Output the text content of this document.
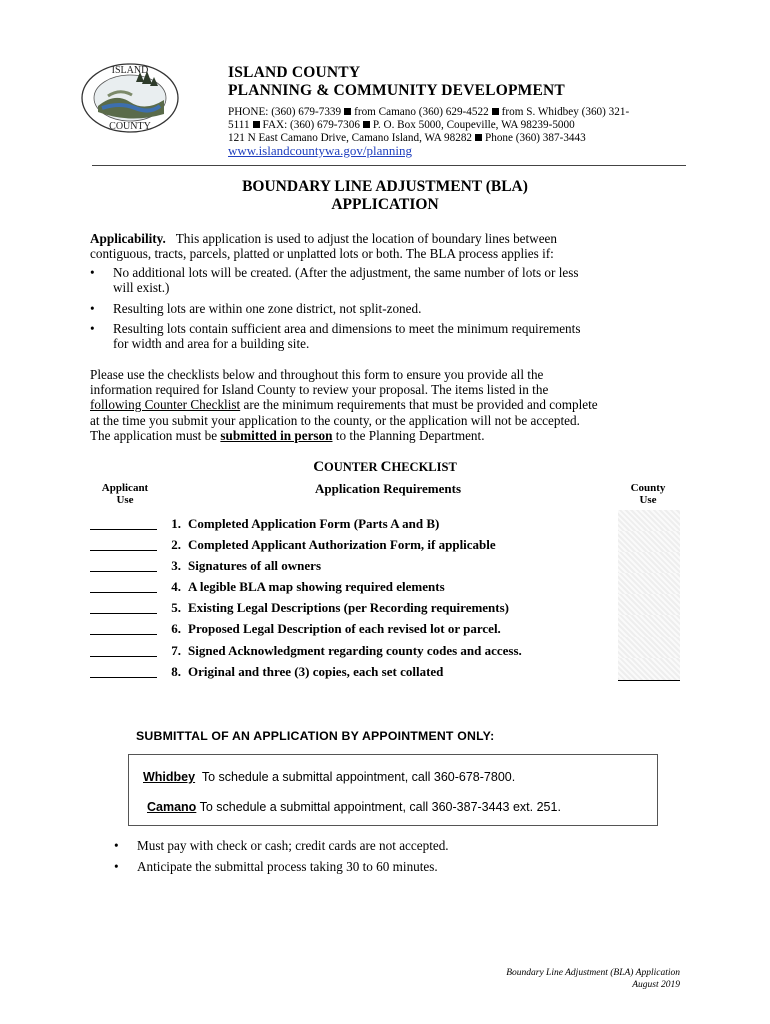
ISLAND
COUNTY
ISLAND COUNTY
PLANNING & COMMUNITY DEVELOPMENT
PHONE: (360) 679-7339 from Camano (360) 629-4522 from S. Whidbey (360) 321-
5111 FAX: (360) 679-7306 P. O. Box 5000, Coupeville, WA 98239-5000
121 N East Camano Drive, Camano Island, WA 98282 Phone (360) 387-3443
www.islandcountywa.gov/planning
BOUNDARY LINE ADJUSTMENT (BLA)
APPLICATION
Applicability. This application is used to adjust the location of boundary lines between
contiguous, tracts, parcels, platted or unplatted lots or both. The BLA process applies if:
• No additional lots will be created. (After the adjustment, the same number of lots or less
will exist.)
• Resulting lots are within one zone district, not split-zoned.
• Resulting lots contain sufficient area and dimensions to meet the minimum requirements
for width and area for a building site.
Please use the checklists below and throughout this form to ensure you provide all the
information required for Island County to review your proposal. The items listed in the
following Counter Checklist are the minimum requirements that must be provided and complete
at the time you submit your application to the county, or the application will not be accepted.
The application must be submitted in person to the Planning Department.
COUNTER CHECKLIST
Applicant
Use
Application Requirements	County
Use
1. Completed Application Form (Parts A and B)
2. Completed Applicant Authorization Form, if applicable
3. Signatures of all owners
4. A legible BLA map showing required elements
5. Existing Legal Descriptions (per Recording requirements)
6. Proposed Legal Description of each revised lot or parcel.
7. Signed Acknowledgment regarding county codes and access.
8. Original and three (3) copies, each set collated
SUBMITTAL OF AN APPLICATION BY APPOINTMENT ONLY:
Whidbey  To schedule a submittal appointment, call 360-678-7800.
Camano To schedule a submittal appointment, call 360-387-3443 ext. 251.
• Must pay with check or cash; credit cards are not accepted.
• Anticipate the submittal process taking 30 to 60 minutes.
Boundary Line Adjustment (BLA) Application
August 2019
